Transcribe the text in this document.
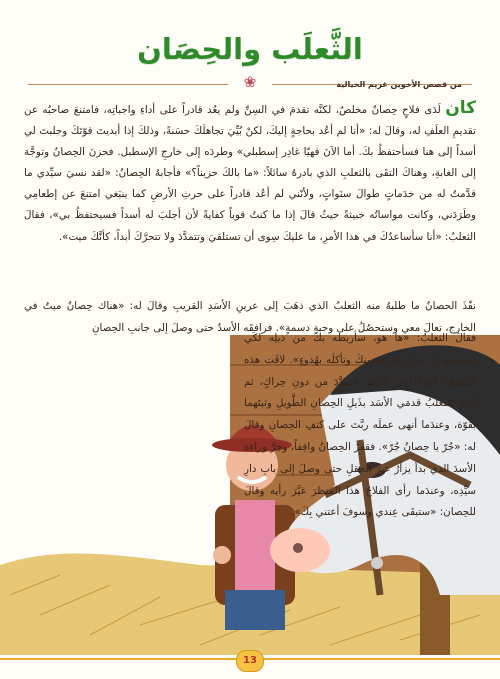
الثَّعلَب والحِصَان
❀	من قصص الأخوين غريم الخيالية

كان لَدَى فلاحٍ حِصانٌ مخلصٌ، لكنَّه تقدمَ في السِنِّ ولم يعُد قادراً على أداءِ واجباتِه، فامتنعَ صاحبُه عن تقديمِ العلَفِ له، وقالَ له: «أنا لم أعُد بحاجةٍ إليكَ، لكنْ بُيِّيَ تجاهلَكَ حسَنةً، وذلكَ إذا أبديتَ قوّتَكَ وجلبتَ لي أسداً إلى هنا فسأحتفظُ بكَ. أما الآنَ فهيّا غادِر إسطبلي» وطردَه إلى خارجِ الإسطبل. فحزنَ الحِصانُ وتوجَّهَ إلى الغابةِ، وهناكَ التقَى بالثعلبِ الذي بادرهُ سائلاً: «ما بالكَ حزيناً؟» فأجابهُ الحِصانُ: «لقد نسيَ سيِّدي ما قدَّمتُ له من خدَماتٍ طوالَ سنَواتٍ، ولأنّني لم أعُد قادراً على حرثِ الأرضِ كما ينبَغي امتنعَ عن إطعامِي وطَرَدَني، وكانت مواساتُه خبيثةً حيثُ قالَ إذا ما كنتُ قوياً كفايةً لأن أجلبَ له أسداً فسيحتفظُ بي»، فقالَ الثعلبُ: «أنا سأساعدُكَ في هذا الأمرِ، ما عليكَ سِوى أن تستلقيَ وتتمدَّدَ ولا تتحرَّكَ أبداً، كأنَّكَ ميت».

نفّذَ الحصانُ ما طلبهُ منه الثعلبُ الذي ذهَبَ إلى عرينِ الأسَدِ القريبِ وقالَ له: «هناك حِصانٌ ميتٌ في الخارجِ، تعالَ معي وستحصُلُ على وجبةٍ دسمةٍ». فرافقَه الأسدُ حتى وصلَ إلى جانبِ الحِصانِ
فقالَ الثعلبُ: «ها هو، سأربطه بكَ من ذيلِه لكَي تستطيعَ أن تجرَّه إلى عرينِكَ وتأكلَه بهُدوءٍ». لاقَت هذه النَّصيحة قُبولاً لدى الأسَد، فتمدَّدَ من دونِ حِراكٍ، ثم أوثَقَ الثعلبُ قدمَي الأسَد بذَيلِ الحِصانِ الطَّويلِ وثبتَهما بقوّة، وعندَما أنهى عملَه ربَّتَ على كتفِ الحِصانِ وقالَ له: «جُرّ يا حِصانُ جُرّ». فقفزَ الحِصانُ واقِفاً، وجرَّ وراءه الأسدَ الذي بدأ يزأرُ عبرَ الحقلِ حتى وصلَ إلى بابِ دارِ سيِّدِه، وعندَما رأى الفلاحُ هذا المنظرَ غيَّرَ رأيه وقالَ للحِصان: «ستبقَى عِندي وسوفَ أعتني بِكَ».
13
